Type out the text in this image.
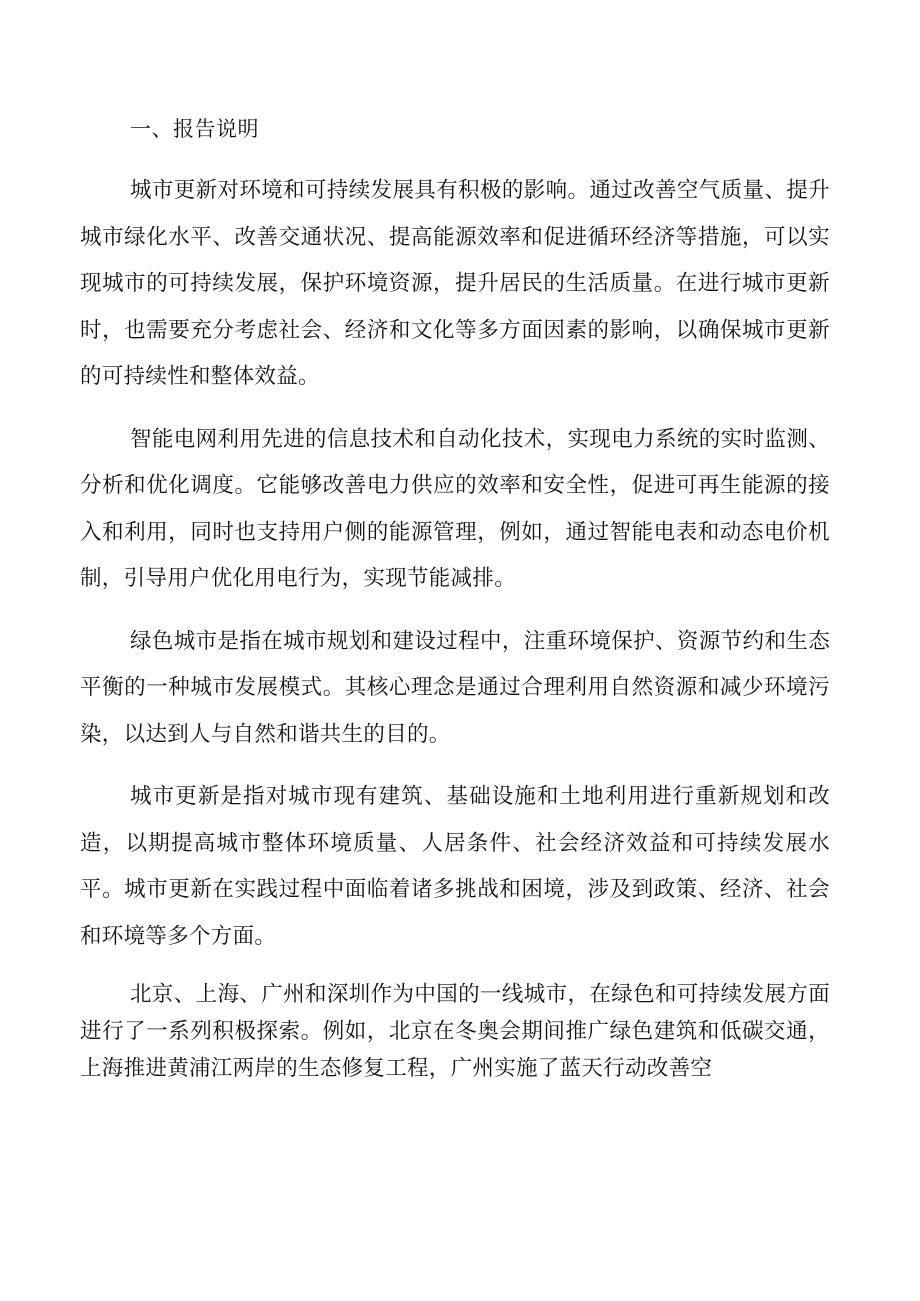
一、报告说明

城市更新对环境和可持续发展具有积极的影响。通过改善空气质量、提升城市绿化水平、改善交通状况、提高能源效率和促进循环经济等措施，可以实现城市的可持续发展，保护环境资源，提升居民的生活质量。在进行城市更新时，也需要充分考虑社会、经济和文化等多方面因素的影响，以确保城市更新的可持续性和整体效益。

智能电网利用先进的信息技术和自动化技术，实现电力系统的实时监测、分析和优化调度。它能够改善电力供应的效率和安全性，促进可再生能源的接入和利用，同时也支持用户侧的能源管理，例如，通过智能电表和动态电价机制，引导用户优化用电行为，实现节能减排。

绿色城市是指在城市规划和建设过程中，注重环境保护、资源节约和生态平衡的一种城市发展模式。其核心理念是通过合理利用自然资源和减少环境污染，以达到人与自然和谐共生的目的。

城市更新是指对城市现有建筑、基础设施和土地利用进行重新规划和改造，以期提高城市整体环境质量、人居条件、社会经济效益和可持续发展水平。城市更新在实践过程中面临着诸多挑战和困境，涉及到政策、经济、社会和环境等多个方面。

北京、上海、广州和深圳作为中国的一线城市，在绿色和可持续发展方面进行了一系列积极探索。例如，北京在冬奥会期间推广绿色建筑和低碳交通，上海推进黄浦江两岸的生态修复工程，广州实施了蓝天行动改善空
